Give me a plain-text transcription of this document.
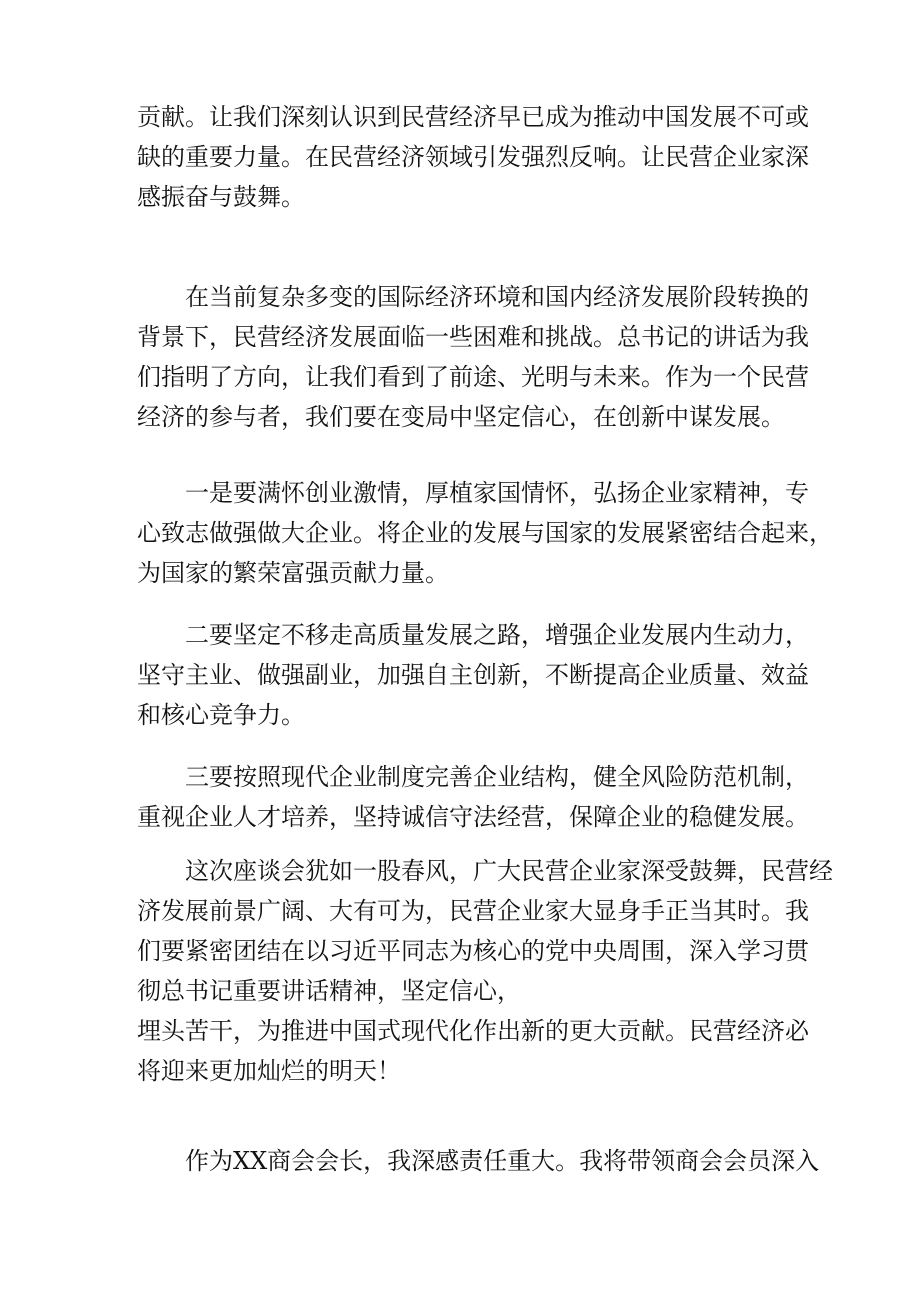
贡献。让我们深刻认识到民营经济早已成为推动中国发展不可或
缺的重要力量。在民营经济领域引发强烈反响。让民营企业家深
感振奋与鼓舞。
在当前复杂多变的国际经济环境和国内经济发展阶段转换的
背景下，民营经济发展面临一些困难和挑战。总书记的讲话为我
们指明了方向，让我们看到了前途、光明与未来。作为一个民营
经济的参与者，我们要在变局中坚定信心，在创新中谋发展。
一是要满怀创业激情，厚植家国情怀，弘扬企业家精神，专
心致志做强做大企业。将企业的发展与国家的发展紧密结合起来，
为国家的繁荣富强贡献力量。
二要坚定不移走高质量发展之路，增强企业发展内生动力，
坚守主业、做强副业，加强自主创新，不断提高企业质量、效益
和核心竞争力。
三要按照现代企业制度完善企业结构，健全风险防范机制，
重视企业人才培养，坚持诚信守法经营，保障企业的稳健发展。
这次座谈会犹如一股春风，广大民营企业家深受鼓舞，民营经
济发展前景广阔、大有可为，民营企业家大显身手正当其时。我
们要紧密团结在以习近平同志为核心的党中央周围，深入学习贯
彻总书记重要讲话精神，坚定信心，
埋头苦干，为推进中国式现代化作出新的更大贡献。民营经济必
将迎来更加灿烂的明天！
作为XX商会会长，我深感责任重大。我将带领商会会员深入
